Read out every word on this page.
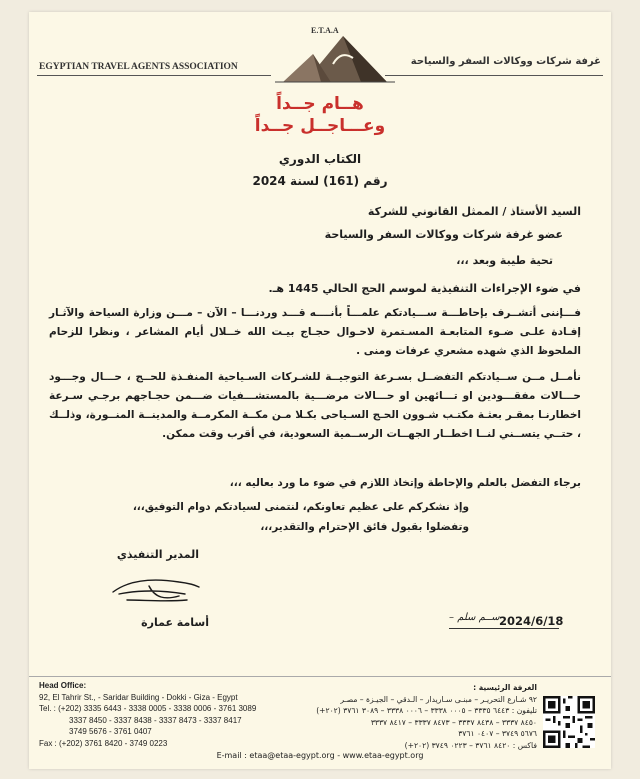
EGYPTIAN TRAVEL AGENTS ASSOCIATION
E.T.A.A
غرفة شركات ووكالات السفر والسياحة
هــام جــداً
وعـــاجــل جــداً
الكتاب الدوري
رقم (161) لسنة 2024
السيد الأستاذ / الممثل القانوني للشركة
عضو غرفة شركات ووكالات السفر والسياحة
تحية طيبة وبعد ،،،
في ضوء الإجراءات التنفيذية لموسم الحج الحالي 1445 هـ.
فـــإننى أتشــرف بإحاطـــة ســـيادتكم علمـــاً بأنــــه قـــد وردنـــا – الآن – مـــن وزارة السياحة والآثـار إفـادة علـى ضـوء المتابعـة المسـتمرة لاحـوال حجـاج بيـت الله خــلال أيام المشاعر ، ونظرا للزحام الملحوظ الذي شهده مشعري عرفات ومنى .
نأمــل مــن ســيادتكم التفضــل بسـرعة التوجيــة للشـركات السـياحية المنفـذة للحــج ، حـــال وجـــود حـــالات مفقـــودين او تـــائهين او حـــالات مرضـــية بالمستشـــفيات ضـــمن حجـاجهم برجـي سـرعة اخطارنـا بمقـر بعثـة مكتـب شـوون الحـج السـياحى بكـلا مـن مكــة المكرمــة والمدينــة المنــورة، وذلــك ، حتــي يتســني لنــا اخطــار الجهــات الرســمية السعودية، في أقرب وقت ممكن.
برجاء التفضل بالعلم والإحاطة وإتخاذ اللازم في ضوء ما ورد بعاليه ،،،
وإذ نشكركم على عظيم تعاونكم، لنتمنى لسيادتكم دوام التوفيق،،،
وتفضلوا بقبول فائق الإحترام والتقدير،،،
المدير التنفيذي
أسامة عمارة	2024/6/18
– ســم سلم
Head Office:
92, El Tahrir St., - Saridar Building - Dokki - Giza - Egypt
Tel. : (+202) 3335 6443 - 3338 0005 - 3338 0006 - 3761 3089
3337 8450 - 3337 8438 - 3337 8473 - 3337 8417
3749 5676 - 3761 0407
Fax : (+202) 3761 8420 - 3749 0223
الغرفة الرئيسية :
٩٢ شـارع التحريـر – مبنـى سـاريدار – الـدقي – الجيـزة – مصـر
تليفون : ٦٤٤٣ ٣٣٣٥ – ٠٠٠٥ ٣٣٣٨ – ٠٠٠٦ ٣٣٣٨ – ٣٠٨٩ ٣٧٦١ (٢٠٢+)
٨٤٥٠ ٣٣٣٧ – ٨٤٣٨ ٣٣٣٧ – ٨٤٧٣ ٣٣٣٧ – ٨٤١٧ ٣٣٣٧
٥٦٧٦ ٣٧٤٩ – ٠٤٠٧ ٣٧٦١
فاكس : ٨٤٢٠ ٣٧٦١ – ٠٢٢٣ ٣٧٤٩ (٢٠٢+)
E-mail : etaa@etaa-egypt.org - www.etaa-egypt.org
